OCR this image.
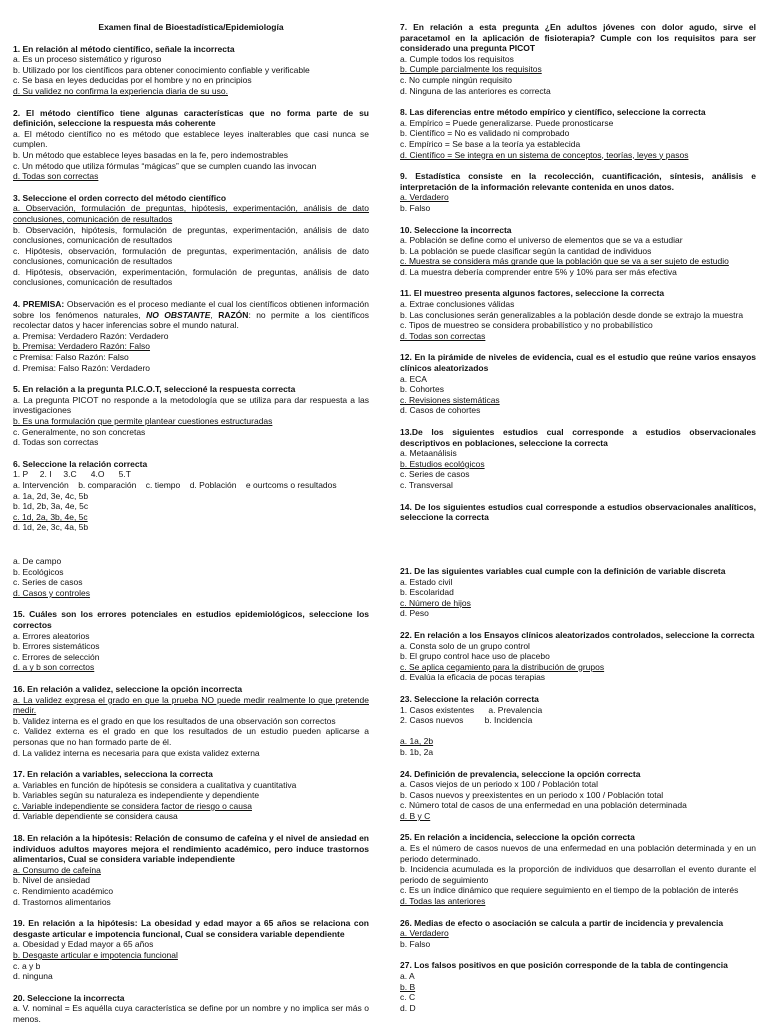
Examen final de Bioestadística/Epidemiología
1. En relación al método científico, señale la incorrecta
a. Es un proceso sistemático y riguroso
b. Utilizado por los científicos para obtener conocimiento confiable y verificable
c. Se basa en leyes deducidas por el hombre y no en principios
d. Su validez no confirma la experiencia diaria de su uso.
2. El método científico tiene algunas características que no forma parte de su definición, seleccione la respuesta más coherente
a. El método científico no es método que establece leyes inalterables que casi nunca se cumplen.
b. Un método que establece leyes basadas en la fe, pero indemostrables
c. Un método que utiliza fórmulas “mágicas” que se cumplen cuando las invocan
d. Todas son correctas
3. Seleccione el orden correcto del método científico
a. Observación, formulación de preguntas, hipótesis, experimentación, análisis de dato conclusiones, comunicación de resultados
b. Observación, hipótesis, formulación de preguntas, experimentación, análisis de dato conclusiones, comunicación de resultados
c. Hipótesis, observación, formulación de preguntas, experimentación, análisis de dato conclusiones, comunicación de resultados
d. Hipótesis, observación, experimentación, formulación de preguntas, análisis de dato conclusiones, comunicación de resultados
4. PREMISA: Observación es el proceso mediante el cual los científicos obtienen información sobre los fenómenos naturales, NO OBSTANTE, RAZÓN: no permite a los científicos recolectar datos y hacer inferencias sobre el mundo natural.
a. Premisa: Verdadero Razón: Verdadero
b. Premisa: Verdadero Razón: Falso
c Premisa: Falso Razón: Falso
d. Premisa: Falso Razón: Verdadero
5. En relación a la pregunta P.I.C.O.T, seleccioné la respuesta correcta
a. La pregunta PICOT no responde a la metodología que se utiliza para dar respuesta a las investigaciones
b. Es una formulación que permite plantear cuestiones estructuradas
c. Generalmente, no son concretas
d. Todas son correctas
6. Seleccione la relación correcta
1. P     2. I     3.C      4.O      5.T
a. Intervención    b. comparación    c. tiempo    d. Población    e ourtcoms o resultados
a. 1a, 2d, 3e, 4c, 5b
b. 1d, 2b, 3a, 4e, 5c
c. 1d, 2a, 3b, 4e, 5c
d. 1d, 2e, 3c, 4a, 5b
7. En relación a esta pregunta ¿En adultos jóvenes con dolor agudo, sirve el paracetamol en la aplicación de fisioterapia? Cumple con los requisitos para ser considerado una pregunta PICOT
a. Cumple todos los requisitos
b. Cumple parcialmente los requisitos
c. No cumple ningún requisito
d. Ninguna de las anteriores es correcta
8. Las diferencias entre método empírico y científico, seleccione la correcta
a. Empírico = Puede generalizarse. Puede pronosticarse
b. Científico = No es validado ni comprobado
c. Empírico = Se base a la teoría ya establecida
d. Científico = Se integra en un sistema de conceptos, teorías, leyes y pasos
9. Estadística consiste en la recolección, cuantificación, síntesis, análisis e interpretación de la información relevante contenida en unos datos.
a. Verdadero
b. Falso
10. Seleccione la incorrecta
a. Población se define como el universo de elementos que se va a estudiar
b. La población se puede clasificar según la cantidad de individuos
c. Muestra se considera más grande que la población que se va a ser sujeto de estudio
d. La muestra debería comprender entre 5% y 10% para ser más efectiva
11. El muestreo presenta algunos factores, seleccione la correcta
a. Extrae conclusiones válidas
b. Las conclusiones serán generalizables a la población desde donde se extrajo la muestra
c. Tipos de muestreo se considera probabilístico y no probabilístico
d. Todas son correctas
12. En la pirámide de niveles de evidencia, cual es el estudio que reúne varios ensayos clínicos aleatorizados
a. ECA
b. Cohortes
c. Revisiones sistemáticas
d. Casos de cohortes
13.De los siguientes estudios cual corresponde a estudios observacionales descriptivos en poblaciones, seleccione la correcta
a. Metaanálisis
b. Estudios ecológicos
c. Series de casos
c. Transversal
14. De los siguientes estudios cual corresponde a estudios observacionales analíticos, seleccione la correcta
a. De campo
b. Ecológicos
c. Series de casos
d. Casos y controles
15. Cuáles son los errores potenciales en estudios epidemiológicos, seleccione los correctos
a. Errores aleatorios
b. Errores sistemáticos
c. Errores de selección
d. a y b son correctos
16. En relación a validez, seleccione la opción incorrecta
a. La validez expresa el grado en que la prueba NO puede medir realmente lo que pretende medir.
b. Validez interna es el grado en que los resultados de una observación son correctos
c. Validez externa es el grado en que los resultados de un estudio pueden aplicarse a personas que no han formado parte de él.
d. La validez interna es necesaria para que exista validez externa
17. En relación a variables, selecciona la correcta
a. Variables en función de hipótesis se considera a cualitativa y cuantitativa
b. Variables según su naturaleza es independiente y dependiente
c. Variable independiente se considera factor de riesgo o causa
d. Variable dependiente se considera causa
18. En relación a la hipótesis: Relación de consumo de cafeína y el nivel de ansiedad en individuos adultos mayores mejora el rendimiento académico, pero induce trastornos alimentarios, Cual se considera variable independiente
a. Consumo de cafeína
b. Nivel de ansiedad
c. Rendimiento académico
d. Trastornos alimentarios
19. En relación a la hipótesis: La obesidad y edad mayor a 65 años se relaciona con desgaste articular e impotencia funcional, Cual se considera variable dependiente
a. Obesidad y Edad mayor a 65 años
b. Desgaste articular e impotencia funcional
c. a y b
d. ninguna
20. Seleccione la incorrecta
a. V. nominal = Es aquélla cuya característica se define por un nombre y no implica ser más o menos.
21. De las siguientes variables cual cumple con la definición de variable discreta
a. Estado civil
b. Escolaridad
c. Número de hijos
d. Peso
22. En relación a los Ensayos clínicos aleatorizados controlados, seleccione la correcta
a. Consta solo de un grupo control
b. El grupo control hace uso de placebo
c. Se aplica cegamiento para la distribución de grupos
d. Evalúa la eficacia de pocas terapias
23. Seleccione la relación correcta
1. Casos existentes      a. Prevalencia
2. Casos nuevos         b. Incidencia

a. 1a, 2b
b. 1b, 2a
24. Definición de prevalencia, seleccione la opción correcta
a. Casos viejos de un periodo x 100 / Población total
b. Casos nuevos y preexistentes en un periodo x 100 / Población total
c. Número total de casos de una enfermedad en una población determinada
d. B y C
25. En relación a incidencia, seleccione la opción correcta
a. Es el número de casos nuevos de una enfermedad en una población determinada y en un periodo determinado.
b. Incidencia acumulada es la proporción de individuos que desarrollan el evento durante el periodo de seguimiento
c. Es un índice dinámico que requiere seguimiento en el tiempo de la población de interés
d. Todas las anteriores
26. Medias de efecto o asociación se calcula a partir de incidencia y prevalencia
a. Verdadero
b. Falso
27. Los falsos positivos en que posición corresponde de la tabla de contingencia
a. A
b. B
c. C
d. D
